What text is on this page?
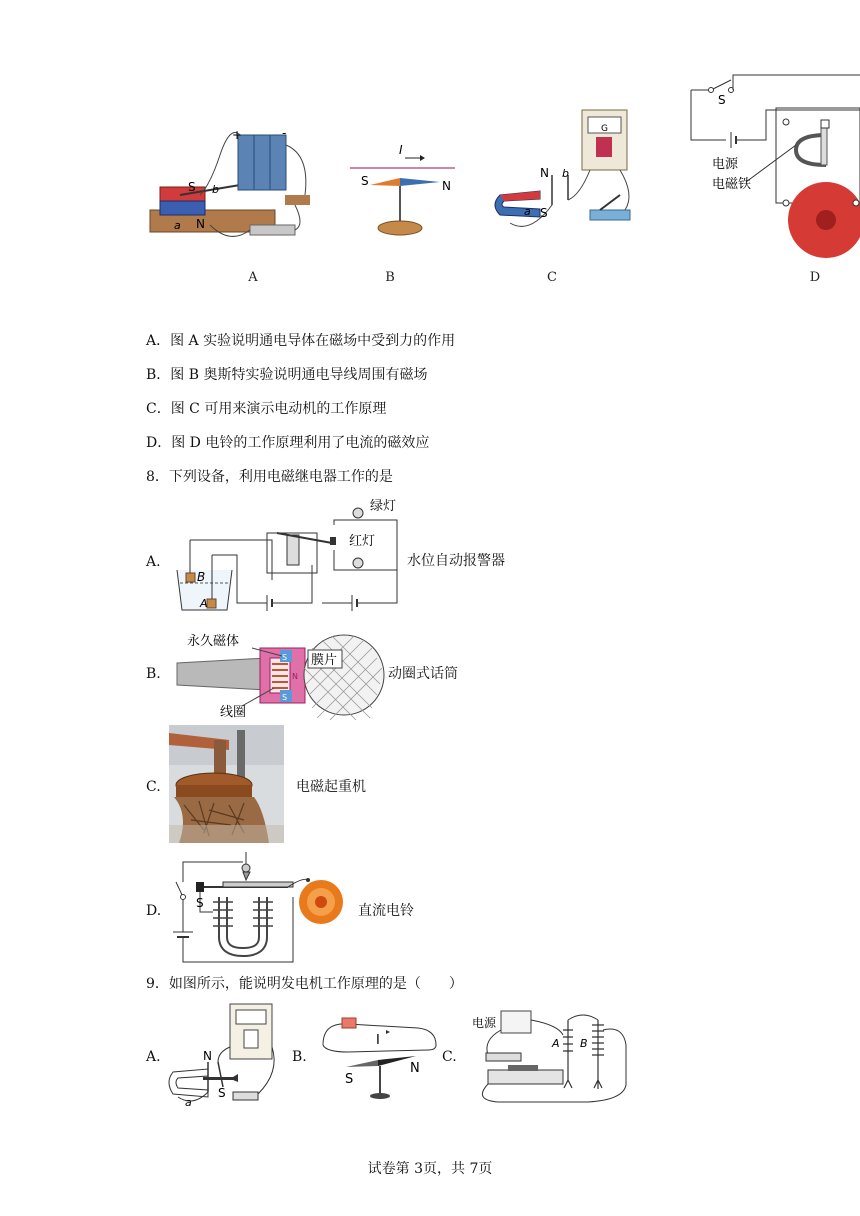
S b
a N
+	-
A
I
S	N
B
N b
a S
G
C
S
电源
电磁铁
D
A．图 A 实验说明通电导体在磁场中受到力的作用
B．图 B 奥斯特实验说明通电导线周围有磁场
C．图 C 可用来演示电动机的工作原理
D．图 D 电铃的工作原理利用了电流的磁效应
8．下列设备，利用电磁继电器工作的是
A.
绿灯
红灯
B
A
水位自动报警器
B.
永久磁体
膜片
线圈
S
N
S
动圈式话筒
C.	电磁起重机
D.	S	直流电铃
9．如图所示，能说明发电机工作原理的是（　　）
A.	N
S
a
B.
I
S
N
C.
电源
A B
试卷第 3页，共 7页
